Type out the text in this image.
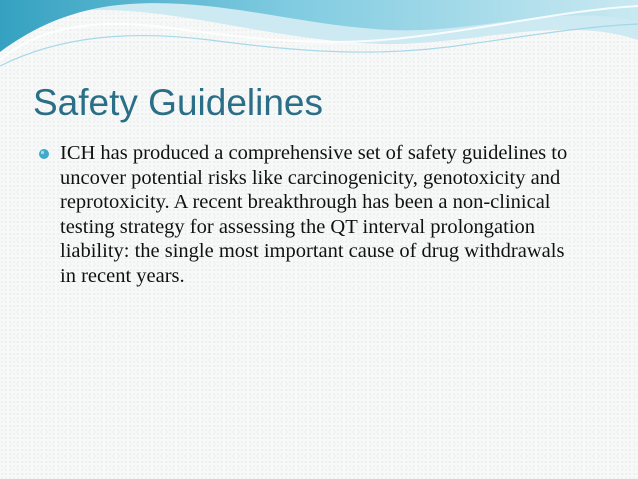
Safety Guidelines
ICH has produced a comprehensive set of safety guidelines to uncover potential risks like carcinogenicity, genotoxicity and reprotoxicity. A recent breakthrough has been a non-clinical testing strategy for assessing the QT interval prolongation liability: the single most important cause of drug withdrawals in recent years.
